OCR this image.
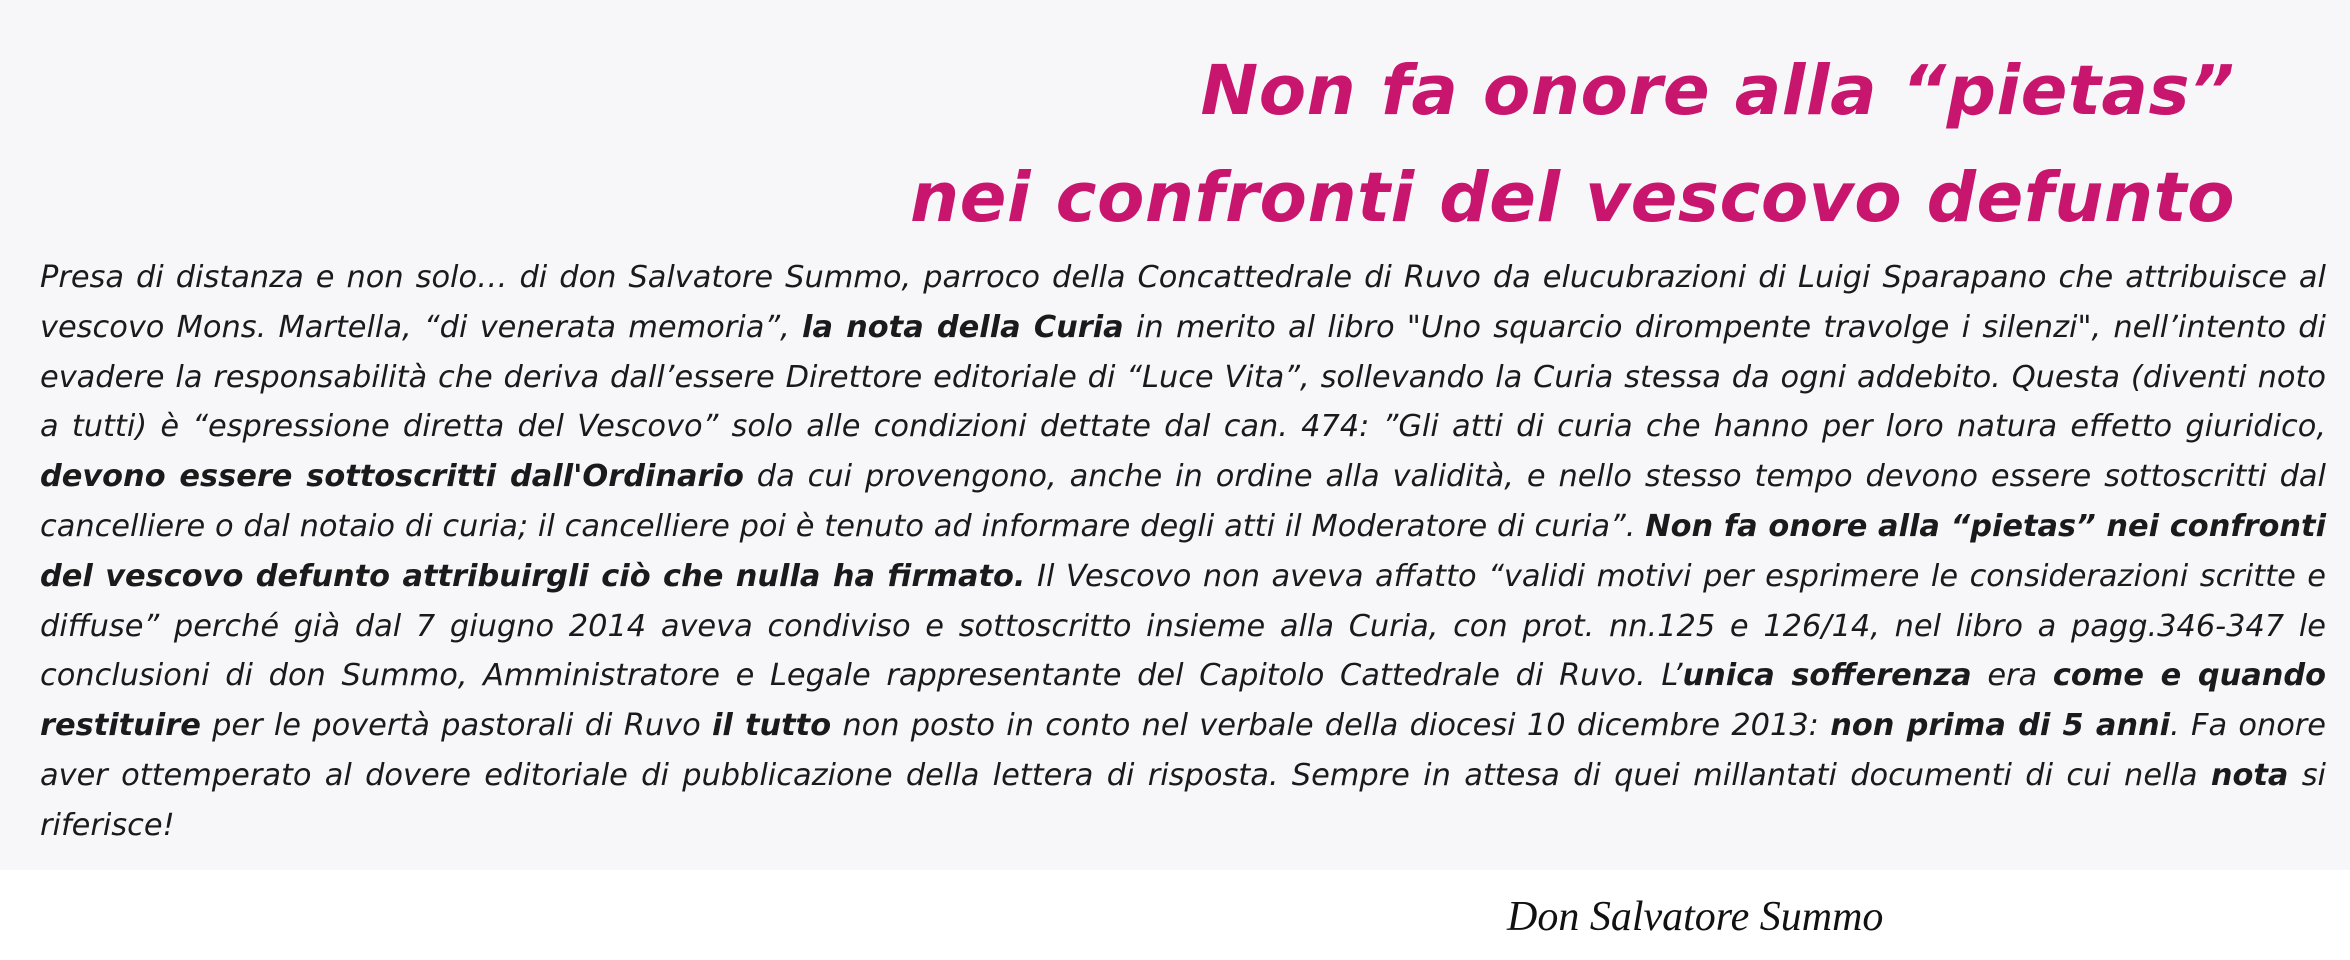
Non fa onore alla “pietas”
nei confronti del vescovo defunto
Presa di distanza e non solo… di don Salvatore Summo, parroco della Concattedrale di Ruvo da elucubrazioni di Luigi Sparapano che attribuisce al vescovo Mons. Martella, “di venerata memoria”, la nota della Curia in merito al libro "Uno squarcio dirompente travolge i silenzi", nell’intento di evadere la responsabilità che deriva dall’essere Direttore editoriale di “Luce Vita”, sollevando la Curia stessa da ogni addebito. Questa (diventi noto a tutti) è “espressione diretta del Vescovo” solo alle condizioni dettate dal can. 474: ”Gli atti di curia che hanno per loro natura effetto giuridico, devono essere sottoscritti dall'Ordinario da cui provengono, anche in ordine alla validità, e nello stesso tempo devono essere sottoscritti dal cancelliere o dal notaio di curia; il cancelliere poi è tenuto ad informare degli atti il Moderatore di curia”. Non fa onore alla “pietas” nei confronti del vescovo defunto attribuirgli ciò che nulla ha firmato. Il Vescovo non aveva affatto “validi motivi per esprimere le considerazioni scritte e diffuse” perché già dal 7 giugno 2014 aveva condiviso e sottoscritto insieme alla Curia, con prot. nn.125 e 126/14, nel libro a pagg.346-347 le conclusioni di don Summo, Amministratore e Legale rappresentante del Capitolo Cattedrale di Ruvo. L’unica sofferenza era come e quando restituire per le povertà pastorali di Ruvo il tutto non posto in conto nel verbale della diocesi 10 dicembre 2013: non prima di 5 anni. Fa onore aver ottemperato al dovere editoriale di pubblicazione della lettera di risposta. Sempre in attesa di quei millantati documenti di cui nella nota si riferisce!
Don Salvatore Summo
